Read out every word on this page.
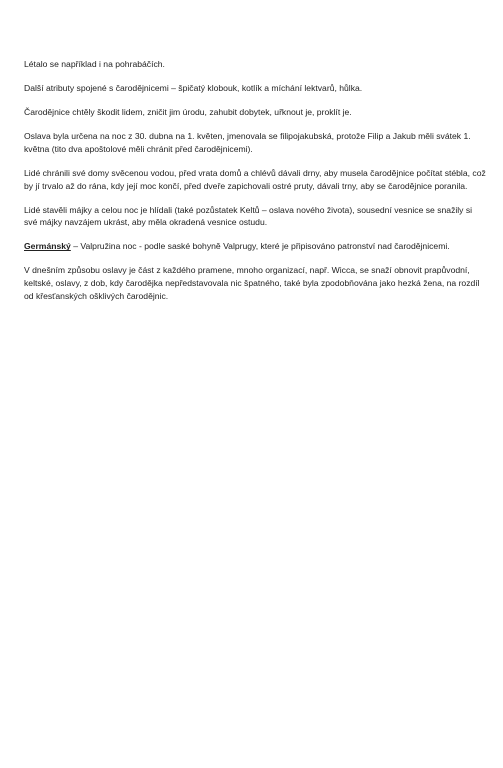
Létalo se například i na pohrabáčích.

Další atributy spojené s čarodějnicemi – špičatý klobouk, kotlík a míchání lektvarů, hůlka.

Čarodějnice chtěly škodit lidem, zničit jim úrodu, zahubit dobytek, uřknout je, proklít je.

Oslava byla určena na noc z 30. dubna na 1. květen, jmenovala se filipojakubská, protože Filip a Jakub měli svátek 1. května (tito dva apoštolové měli chránit před čarodějnicemi).

Lidé chránili své domy svěcenou vodou, před vrata domů a chlévů dávali drny, aby musela čarodějnice počítat stébla, což by jí trvalo až do rána, kdy její moc končí, před dveře zapichovali ostré pruty, dávali trny, aby se čarodějnice poranila.

Lidé stavěli májky a celou noc je hlídali (také pozůstatek Keltů – oslava nového života), sousední vesnice se snažily si své májky navzájem ukrást, aby měla okradená vesnice ostudu.

Germánský – Valpružina noc - podle saské bohyně Valprugy, které je připisováno patronství nad čarodějnicemi.

V dnešním způsobu oslavy je část z každého pramene, mnoho organizací, např. Wicca, se snaží obnovit prapůvodní, keltské, oslavy, z dob, kdy čarodějka nepředstavovala nic špatného, také byla zpodobňována jako hezká žena, na rozdíl od křesťanských ošklivých čarodějnic.
